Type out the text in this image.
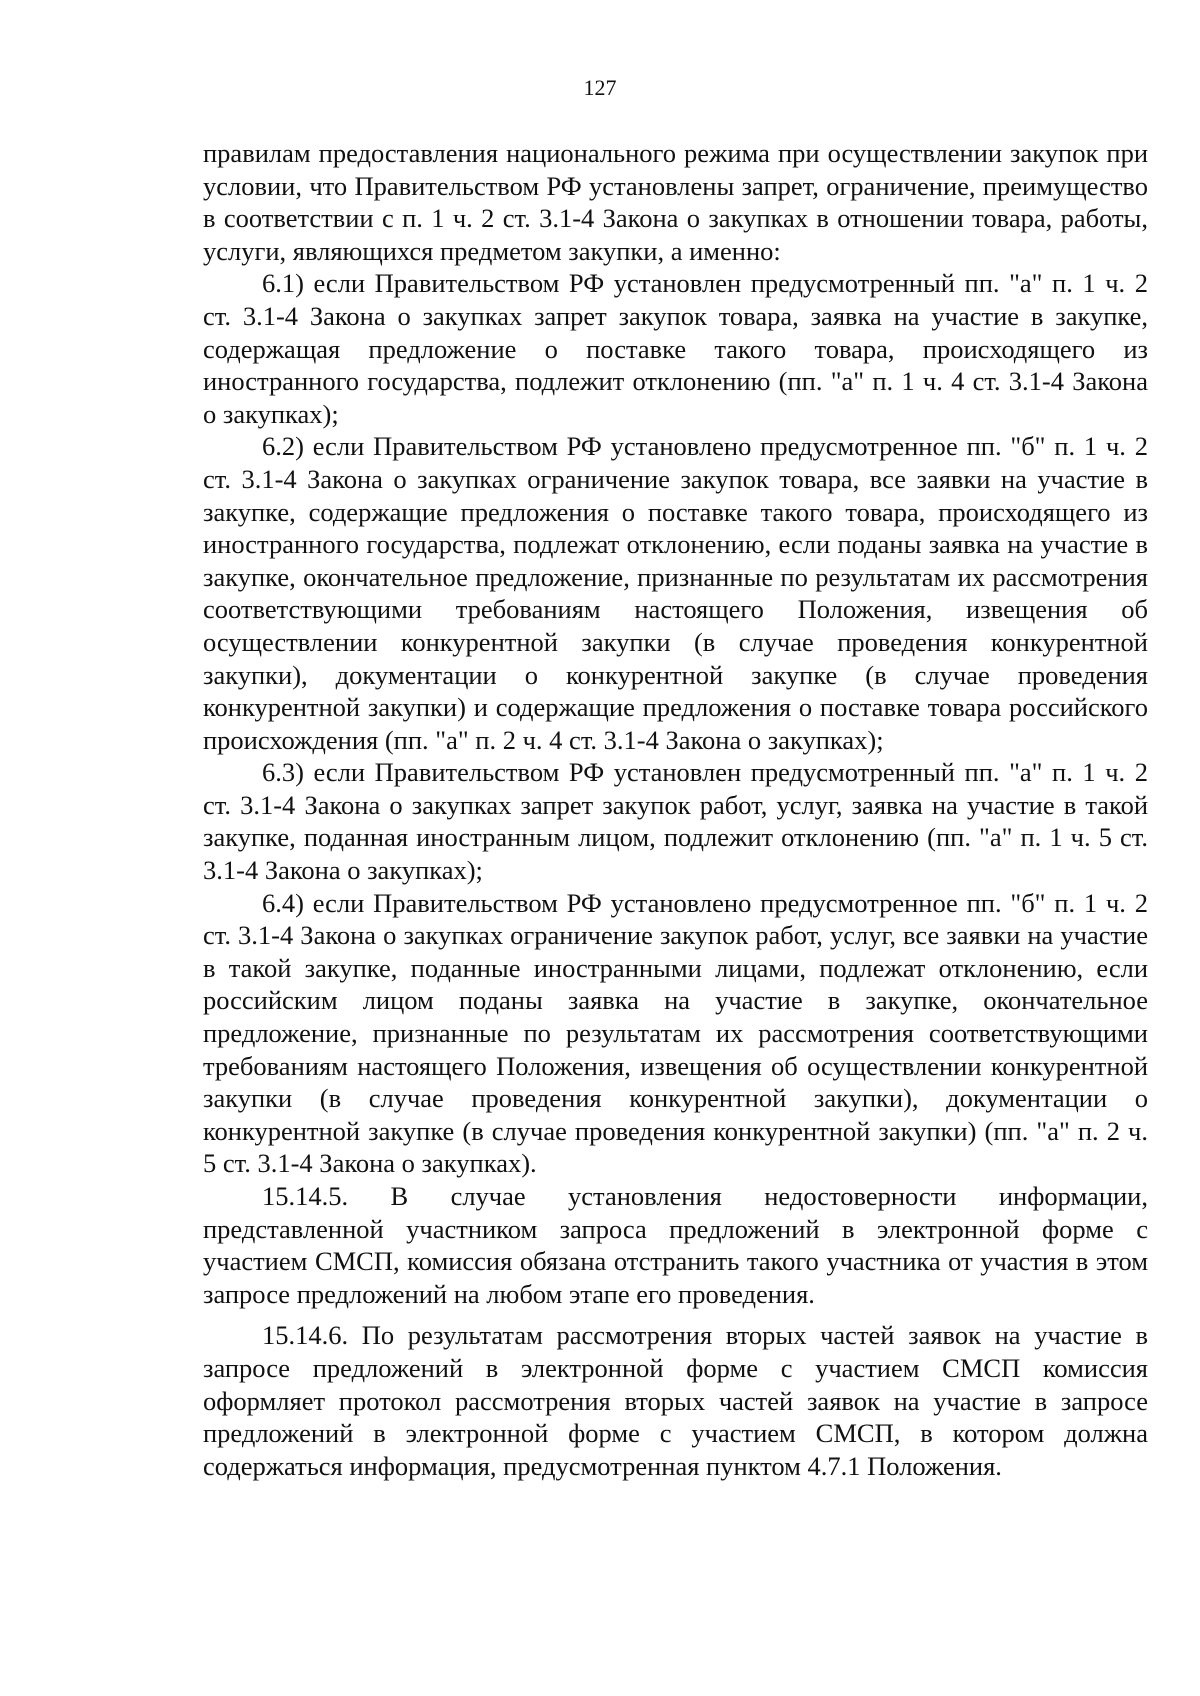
127

правилам предоставления национального режима при осуществлении закупок при условии, что Правительством РФ установлены запрет, ограничение, преимущество в соответствии с п. 1 ч. 2 ст. 3.1-4 Закона о закупках в отношении товара, работы, услуги, являющихся предметом закупки, а именно:

6.1) если Правительством РФ установлен предусмотренный пп. "а" п. 1 ч. 2 ст. 3.1-4 Закона о закупках запрет закупок товара, заявка на участие в закупке, содержащая предложение о поставке такого товара, происходящего из иностранного государства, подлежит отклонению (пп. "а" п. 1 ч. 4 ст. 3.1-4 Закона о закупках);

6.2) если Правительством РФ установлено предусмотренное пп. "б" п. 1 ч. 2 ст. 3.1-4 Закона о закупках ограничение закупок товара, все заявки на участие в закупке, содержащие предложения о поставке такого товара, происходящего из иностранного государства, подлежат отклонению, если поданы заявка на участие в закупке, окончательное предложение, признанные по результатам их рассмотрения соответствующими требованиям настоящего Положения, извещения об осуществлении конкурентной закупки (в случае проведения конкурентной закупки), документации о конкурентной закупке (в случае проведения конкурентной закупки) и содержащие предложения о поставке товара российского происхождения (пп. "а" п. 2 ч. 4 ст. 3.1-4 Закона о закупках);

6.3) если Правительством РФ установлен предусмотренный пп. "а" п. 1 ч. 2 ст. 3.1-4 Закона о закупках запрет закупок работ, услуг, заявка на участие в такой закупке, поданная иностранным лицом, подлежит отклонению (пп. "а" п. 1 ч. 5 ст. 3.1-4 Закона о закупках);

6.4) если Правительством РФ установлено предусмотренное пп. "б" п. 1 ч. 2 ст. 3.1-4 Закона о закупках ограничение закупок работ, услуг, все заявки на участие в такой закупке, поданные иностранными лицами, подлежат отклонению, если российским лицом поданы заявка на участие в закупке, окончательное предложение, признанные по результатам их рассмотрения соответствующими требованиям настоящего Положения, извещения об осуществлении конкурентной закупки (в случае проведения конкурентной закупки), документации о конкурентной закупке (в случае проведения конкурентной закупки) (пп. "а" п. 2 ч. 5 ст. 3.1-4 Закона о закупках).

15.14.5. В случае установления недостоверности информации, представленной участником запроса предложений в электронной форме с участием СМСП, комиссия обязана отстранить такого участника от участия в этом запросе предложений на любом этапе его проведения.

15.14.6. По результатам рассмотрения вторых частей заявок на участие в запросе предложений в электронной форме с участием СМСП комиссия оформляет протокол рассмотрения вторых частей заявок на участие в запросе предложений в электронной форме с участием СМСП, в котором должна содержаться информация, предусмотренная пунктом 4.7.1 Положения.
